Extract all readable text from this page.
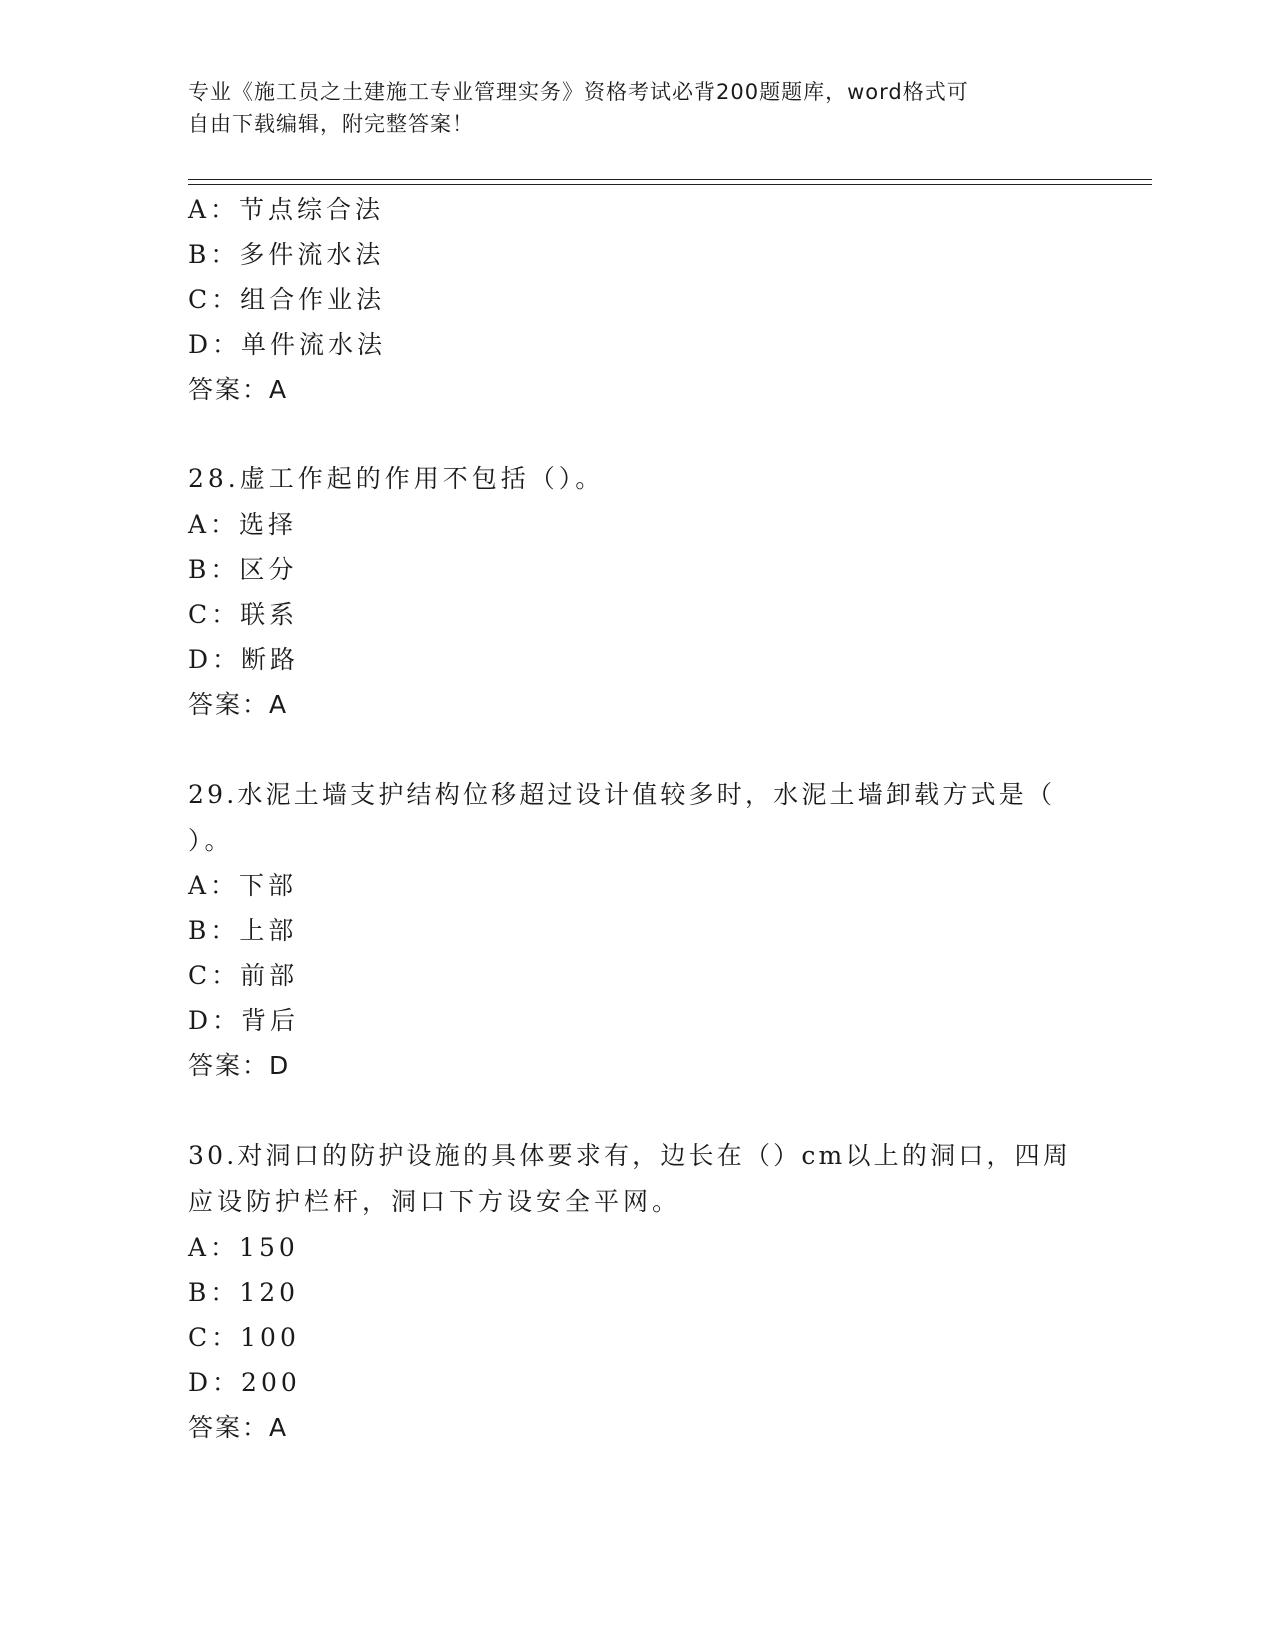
专业《施工员之土建施工专业管理实务》资格考试必背200题题库，word格式可
自由下载编辑，附完整答案！
A：节点综合法
B：多件流水法
C：组合作业法
D：单件流水法
答案：A
28.虚工作起的作用不包括（）。
A：选择
B：区分
C：联系
D：断路
答案：A
29.水泥土墙支护结构位移超过设计值较多时，水泥土墙卸载方式是（
）。
A：下部
B：上部
C：前部
D：背后
答案：D
30.对洞口的防护设施的具体要求有，边长在（）cm以上的洞口，四周
应设防护栏杆，洞口下方设安全平网。
A：150
B：120
C：100
D：200
答案：A
